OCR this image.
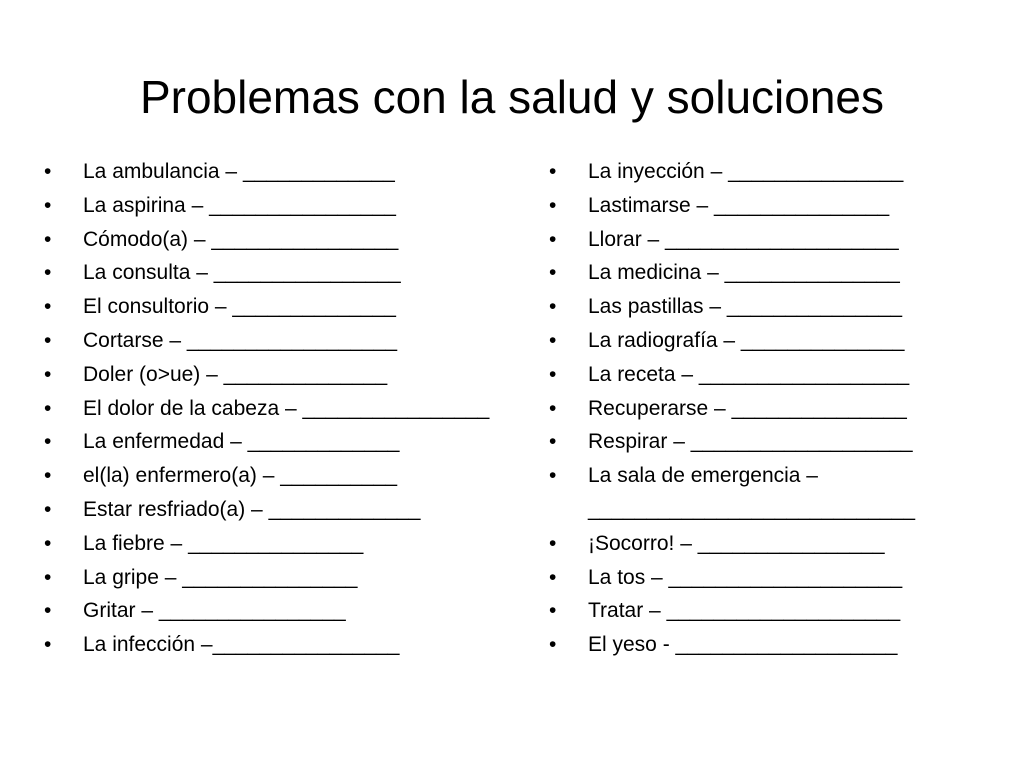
Problemas con la salud y soluciones
• La ambulancia – _____________
• La aspirina – ________________
• Cómodo(a) – ________________
• La consulta – ________________
• El consultorio – ______________
• Cortarse – __________________
• Doler (o>ue) – ______________
• El dolor de la cabeza – ________________
• La enfermedad – _____________
• el(la) enfermero(a) – __________
• Estar resfriado(a) – _____________
• La fiebre – _______________
• La gripe – _______________
• Gritar – ________________
• La infección –________________
• La inyección – _______________
• Lastimarse – _______________
• Llorar – ____________________
• La medicina – _______________
• Las pastillas – _______________
• La radiografía – ______________
• La receta – __________________
• Recuperarse – _______________
• Respirar – ___________________
• La sala de emergencia – ____________________________
• ¡Socorro! – ________________
• La tos – ____________________
• Tratar – ____________________
• El yeso - ___________________
